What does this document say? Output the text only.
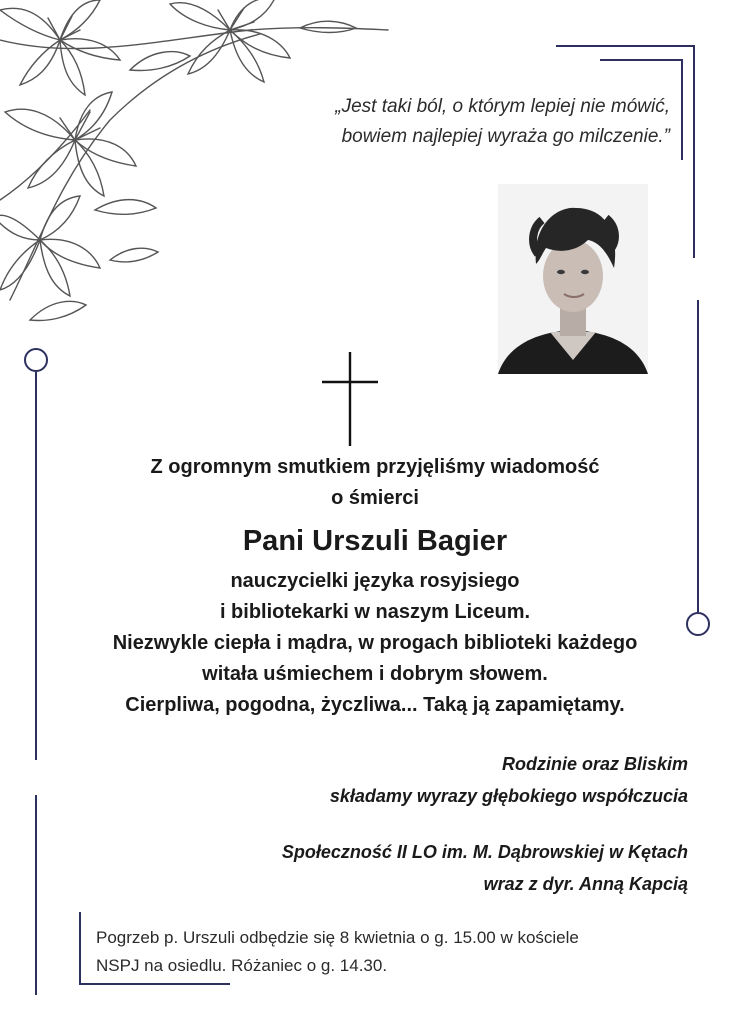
„Jest taki ból, o którym lepiej nie mówić,
bowiem najlepiej wyraża go milczenie.”
Z ogromnym smutkiem przyjęliśmy wiadomość
o śmierci
Pani Urszuli Bagier
nauczycielki języka rosyjsiego
i bibliotekarki w naszym Liceum.
Niezwykle ciepła i mądra, w progach biblioteki każdego
witała uśmiechem i dobrym słowem.
Cierpliwa, pogodna, życzliwa... Taką ją zapamiętamy.
Rodzinie oraz Bliskim
składamy wyrazy głębokiego współczucia
Społeczność II LO im. M. Dąbrowskiej w Kętach
wraz z dyr. Anną Kapcią
Pogrzeb p. Urszuli odbędzie się 8 kwietnia o g. 15.00 w kościele
NSPJ na osiedlu. Różaniec o g. 14.30.
